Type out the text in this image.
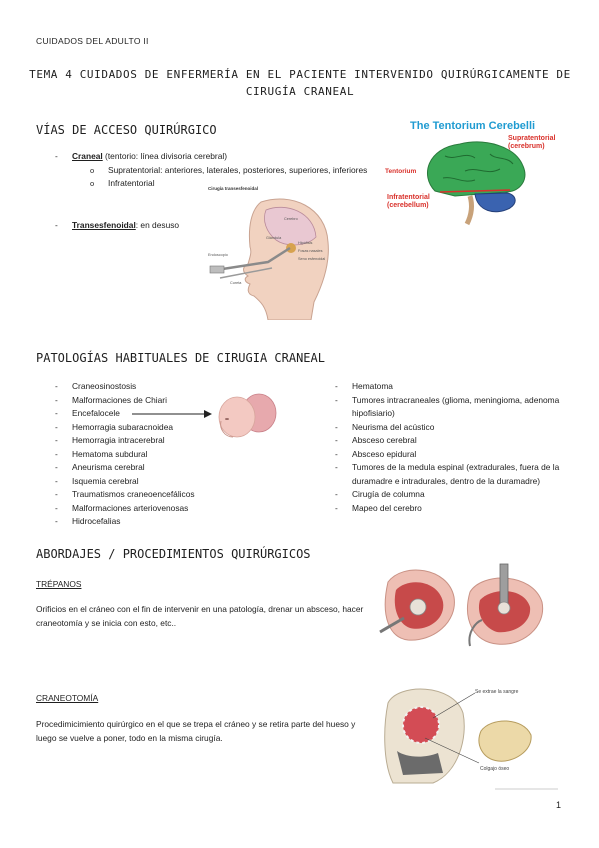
CUIDADOS DEL ADULTO II
TEMA 4 CUIDADOS DE ENFERMERÍA EN EL PACIENTE INTERVENIDO QUIRÚRGICAMENTE DE
CIRUGÍA CRANEAL
VÍAS DE ACCESO QUIRÚRGICO
- Craneal (tentorio: línea divisoria cerebral)
o Supratentorial: anteriores, laterales, posteriores, superiores, inferiores
o Infratentorial
- Transesfenoidal: en desuso
The Tentorium Cerebelli
Supratentorial
(cerebrum)
Tentorium
Infratentorial
(cerebellum)
Cirugía transesfenoidal
Cerebro
Glándula
Endoscopio
Hipófisis
Fosas nasales
Seno esfenoidal
Cureta
PATOLOGÍAS HABITUALES DE CIRUGIA CRANEAL
- Craneosinostosis
- Malformaciones de Chiari
- Encefalocele
- Hemorragia subaracnoidea
- Hemorragia intracerebral
- Hematoma subdural
- Aneurisma cerebral
- Isquemia cerebral
- Traumatismos craneoencefálicos
- Malformaciones arteriovenosas
- Hidrocefalias
- Hematoma
- Tumores intracraneales (glioma, meningioma, adenoma hipofisiario)
- Neurisma del acústico
- Absceso cerebral
- Absceso epidural
- Tumores de la medula espinal (extradurales, fuera de la duramadre e intradurales, dentro de la duramadre)
- Cirugía de columna
- Mapeo del cerebro
ABORDAJES / PROCEDIMIENTOS QUIRÚRGICOS
TRÉPANOS
Orificios en el cráneo con el fin de intervenir en una patología, drenar un absceso, hacer craneotomía y se inicia con esto, etc..
CRANEOTOMÍA
Procedimicimiento quirúrgico en el que se trepa el cráneo y se retira parte del hueso y luego se vuelve a poner, todo en la misma cirugía.
Se extrae la sangre
Colgajo óseo
1
